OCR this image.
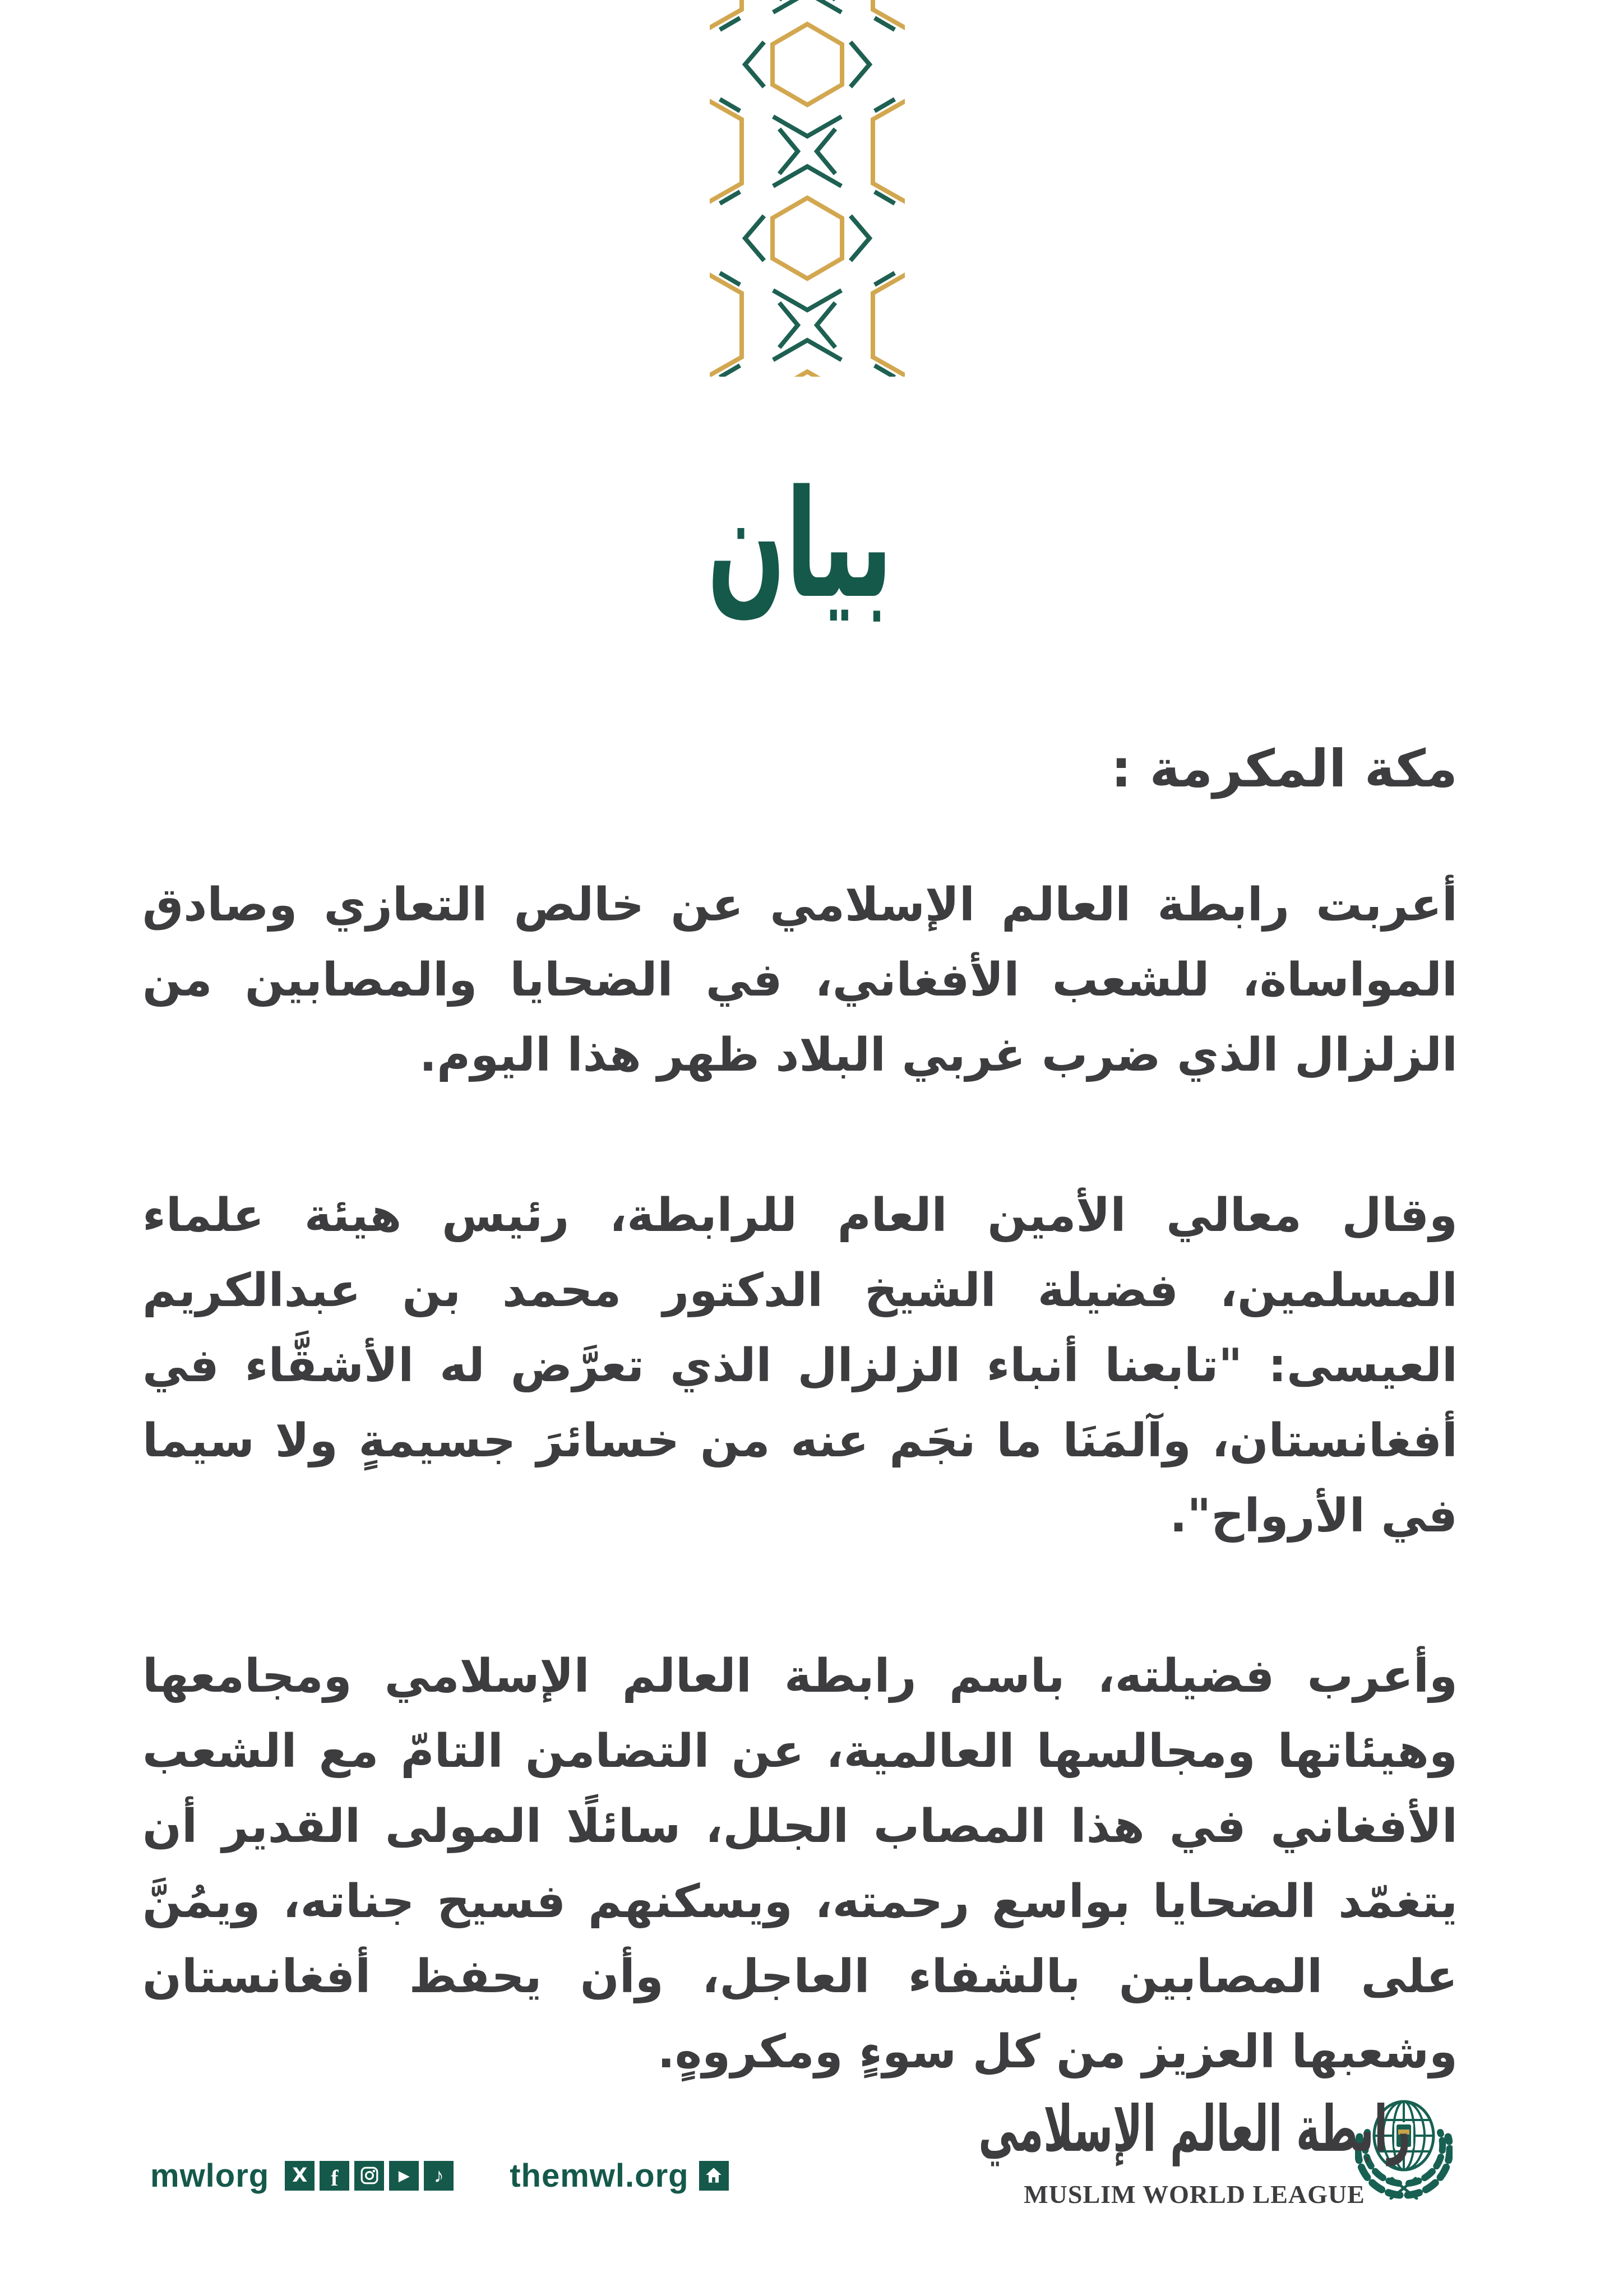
بيان
مكة المكرمة :

أعربت رابطة العالم الإسلامي عن خالص التعازي وصادق المواساة، للشعب الأفغاني، في الضحايا والمصابين من الزلزال الذي ضرب غربي البلاد ظهر هذا اليوم.

وقال معالي الأمين العام للرابطة، رئيس هيئة علماء المسلمين، فضيلة الشيخ الدكتور محمد بن عبدالكريم العيسى: "تابعنا أنباء الزلزال الذي تعرَّض له الأشقَّاء في أفغانستان، وآلمَنَا ما نجَم عنه من خسائرَ جسيمةٍ ولا سيما في الأرواح".

وأعرب فضيلته، باسم رابطة العالم الإسلامي ومجامعها وهيئاتها ومجالسها العالمية، عن التضامن التامّ مع الشعب الأفغاني في هذا المصاب الجلل، سائلًا المولى القدير أن يتغمّد الضحايا بواسع رحمته، ويسكنهم فسيح جناته، ويمُنَّ على المصابين بالشفاء العاجل، وأن يحفظ أفغانستان وشعبها العزيز من كل سوءٍ ومكروهٍ.

mwlorg X f	▶ ♪ themwl.org
رابطة العالم الإسلامي
MUSLIM WORLD LEAGUE
